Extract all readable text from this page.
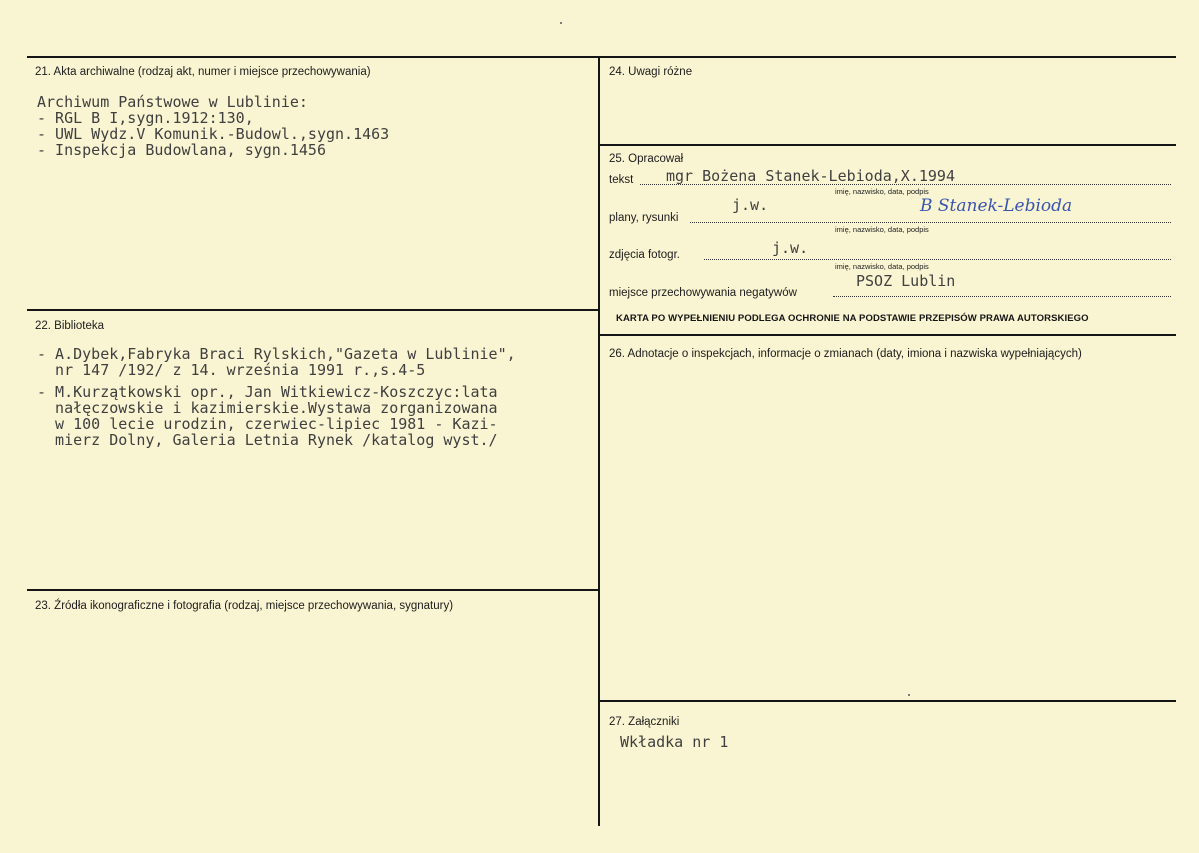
21. Akta archiwalne (rodzaj akt, numer i miejsce przechowywania)
Archiwum Państwowe w Lublinie:
- RGL B I,sygn.1912:130,
- UWL Wydz.V Komunik.-Budowl.,sygn.1463
- Inspekcja Budowlana, sygn.1456
22. Biblioteka
- A.Dybek,Fabryka Braci Rylskich,"Gazeta w Lublinie",
nr 147 /192/ z 14. września 1991 r.,s.4-5
- M.Kurzątkowski opr., Jan Witkiewicz-Koszczyc:lata
nałęczowskie i kazimierskie.Wystawa zorganizowana
w 100 lecie urodzin, czerwiec-lipiec 1981 - Kazi-
mierz Dolny, Galeria Letnia Rynek /katalog wyst./
23. Źródła ikonograficzne i fotografia (rodzaj, miejsce przechowywania, sygnatury)
24. Uwagi różne
25. Opracował
tekst mgr Bożena Stanek-Lebioda,X.1994
imię, nazwisko, data, podpis
plany, rysunki
j.w.	B Stanek-Lebioda
imię, nazwisko, data, podpis
zdjęcia fotogr.	j.w.
imię, nazwisko, data, podpis
miejsce przechowywania negatywów
PSOZ Lublin
KARTA PO WYPEŁNIENIU PODLEGA OCHRONIE NA PODSTAWIE PRZEPISÓW PRAWA AUTORSKIEGO
26. Adnotacje o inspekcjach, informacje o zmianach (daty, imiona i nazwiska wypełniających)
27. Załączniki
Wkładka nr 1
